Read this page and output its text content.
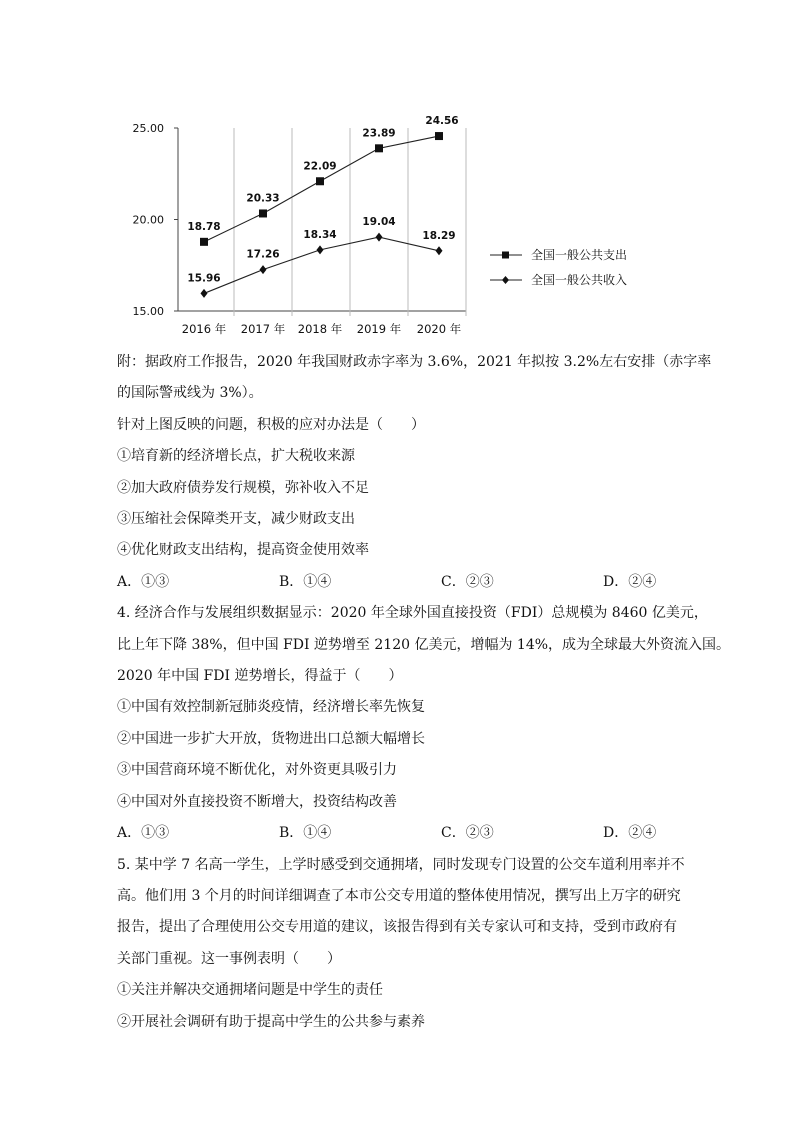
25.00
20.00
15.00
2016 年 2017 年 2018 年 2019 年 2020 年
18.78
20.33
22.09
23.89
24.56
15.96
17.26
18.34
19.04
18.29
全国一般公共支出
全国一般公共收入
附：据政府工作报告，2020 年我国财政赤字率为 3.6%，2021 年拟按 3.2%左右安排（赤字率
的国际警戒线为 3%）。
针对上图反映的问题，积极的应对办法是（　　）
①培育新的经济增长点，扩大税收来源
②加大政府债券发行规模，弥补收入不足
③压缩社会保障类开支，减少财政支出
④优化财政支出结构，提高资金使用效率
A．①③	B．①④	C．②③	D．②④
4. 经济合作与发展组织数据显示：2020 年全球外国直接投资（FDI）总规模为 8460 亿美元，
比上年下降 38%，但中国 FDI 逆势增至 2120 亿美元，增幅为 14%，成为全球最大外资流入国。
2020 年中国 FDI 逆势增长，得益于（　　）
①中国有效控制新冠肺炎疫情，经济增长率先恢复
②中国进一步扩大开放，货物进出口总额大幅增长
③中国营商环境不断优化，对外资更具吸引力
④中国对外直接投资不断增大，投资结构改善
A．①③	B．①④	C．②③	D．②④
5. 某中学 7 名高一学生，上学时感受到交通拥堵，同时发现专门设置的公交车道利用率并不
高。他们用 3 个月的时间详细调查了本市公交专用道的整体使用情况，撰写出上万字的研究
报告，提出了合理使用公交专用道的建议，该报告得到有关专家认可和支持，受到市政府有
关部门重视。这一事例表明（　　）
①关注并解决交通拥堵问题是中学生的责任
②开展社会调研有助于提高中学生的公共参与素养
